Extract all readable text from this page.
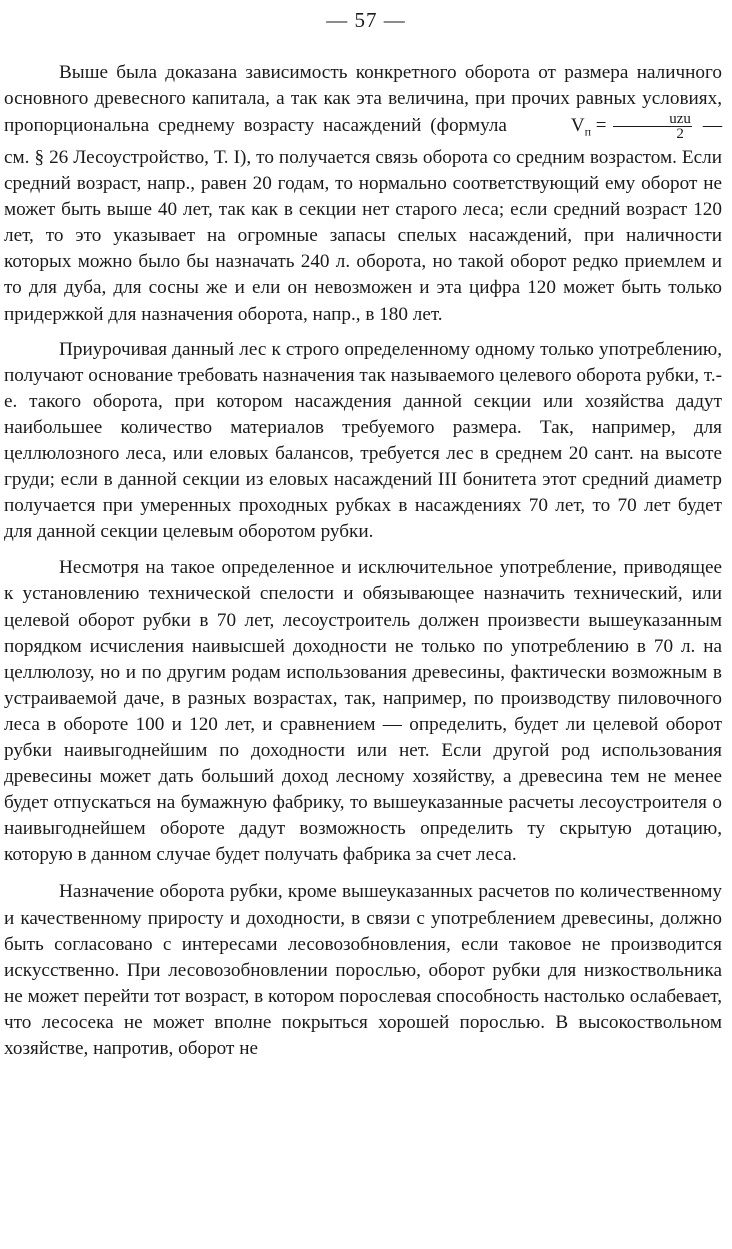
— 57 —

Выше была доказана зависимость конкретного оборота от размера наличного основного древесного капитала, а так как эта величина, при прочих равных условиях, пропорциональна среднему возрасту насаждений (формула	$V_п = \frac{\text{uzu}}{2}$ — см. § 26 Лесоустройство, Т. I), то получается связь оборота со средним возрастом. Если средний возраст, напр., равен 20 годам, то нормально соответствующий ему оборот не может быть выше 40 лет, так как в секции нет старого леса; если средний возраст 120 лет, то это указывает на огромные запасы спелых насаждений, при наличности которых можно было бы назначать 240 л. оборота, но такой оборот редко приемлем и то для дуба, для сосны же и ели он невозможен и эта цифра 120 может быть только придержкой для назначения оборота, напр., в 180 лет.

Приурочивая данный лес к строго определенному одному только употреблению, получают основание требовать назначения так называемого целевого оборота рубки, т.-е. такого оборота, при котором насаждения данной секции или хозяйства дадут наибольшее количество материалов требуемого размера. Так, например, для целлюлозного леса, или еловых балансов, требуется лес в среднем 20 сант. на высоте груди; если в данной секции из еловых насаждений III бонитета этот средний диаметр получается при умеренных проходных рубках в насаждениях 70 лет, то 70 лет будет для данной секции целевым оборотом рубки.

Несмотря на такое определенное и исключительное употребление, приводящее к установлению технической спелости и обязывающее назначить технический, или целевой оборот рубки в 70 лет, лесоустроитель должен произвести вышеуказанным порядком исчисления наивысшей доходности не только по употреблению в 70 л. на целлюлозу, но и по другим родам использования древесины, фактически возможным в устраиваемой даче, в разных возрастах, так, например, по производству пиловочного леса в обороте 100 и 120 лет, и сравнением — определить, будет ли целевой оборот рубки наивыгоднейшим по доходности или нет. Если другой род использования древесины может дать больший доход лесному хозяйству, а древесина тем не менее будет отпускаться на бумажную фабрику, то вышеуказанные расчеты лесоустроителя о наивыгоднейшем обороте дадут возможность определить ту скрытую дотацию, которую в данном случае будет получать фабрика за счет леса.

Назначение оборота рубки, кроме вышеуказанных расчетов по количественному и качественному приросту и доходности, в связи с употреблением древесины, должно быть согласовано с интересами лесовозобновления, если таковое не производится искусственно. При лесовозобновлении порослью, оборот рубки для низкоствольника не может перейти тот возраст, в котором порослевая способность настолько ослабевает, что лесосека не может вполне покрыться хорошей порослью. В высокоствольном хозяйстве, напротив, оборот не
